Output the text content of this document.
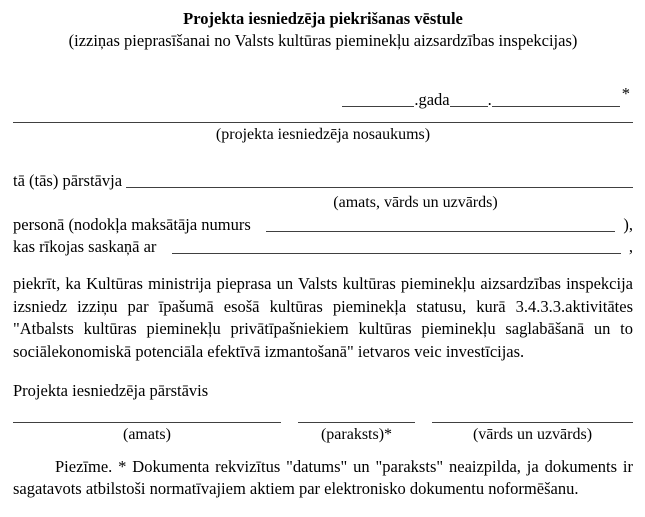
Projekta iesniedzēja piekrišanas vēstule
(izziņas pieprasīšanai no Valsts kultūras pieminekļu aizsardzības inspekcijas)
.gada .	*
(projekta iesniedzēja nosaukums)
tā (tās) pārstāvja
(amats, vārds un uzvārds)
personā (nodokļa maksātāja numurs	),
kas rīkojas saskaņā ar	,

piekrīt, ka Kultūras ministrija pieprasa un Valsts kultūras pieminekļu aizsardzības inspekcija izsniedz izziņu par īpašumā esošā kultūras pieminekļa statusu, kurā 3.4.3.3.aktivitātes "Atbalsts kultūras pieminekļu privātīpašniekiem kultūras pieminekļu saglabāšanā un to sociālekonomiskā potenciāla efektīvā izmantošanā" ietvaros veic investīcijas.

Projekta iesniedzēja pārstāvis
(amats)	(paraksts)*	(vārds un uzvārds)

Piezīme. * Dokumenta rekvizītus "datums" un "paraksts" neaizpilda, ja dokuments ir sagatavots atbilstoši normatīvajiem aktiem par elektronisko dokumentu noformēšanu.
